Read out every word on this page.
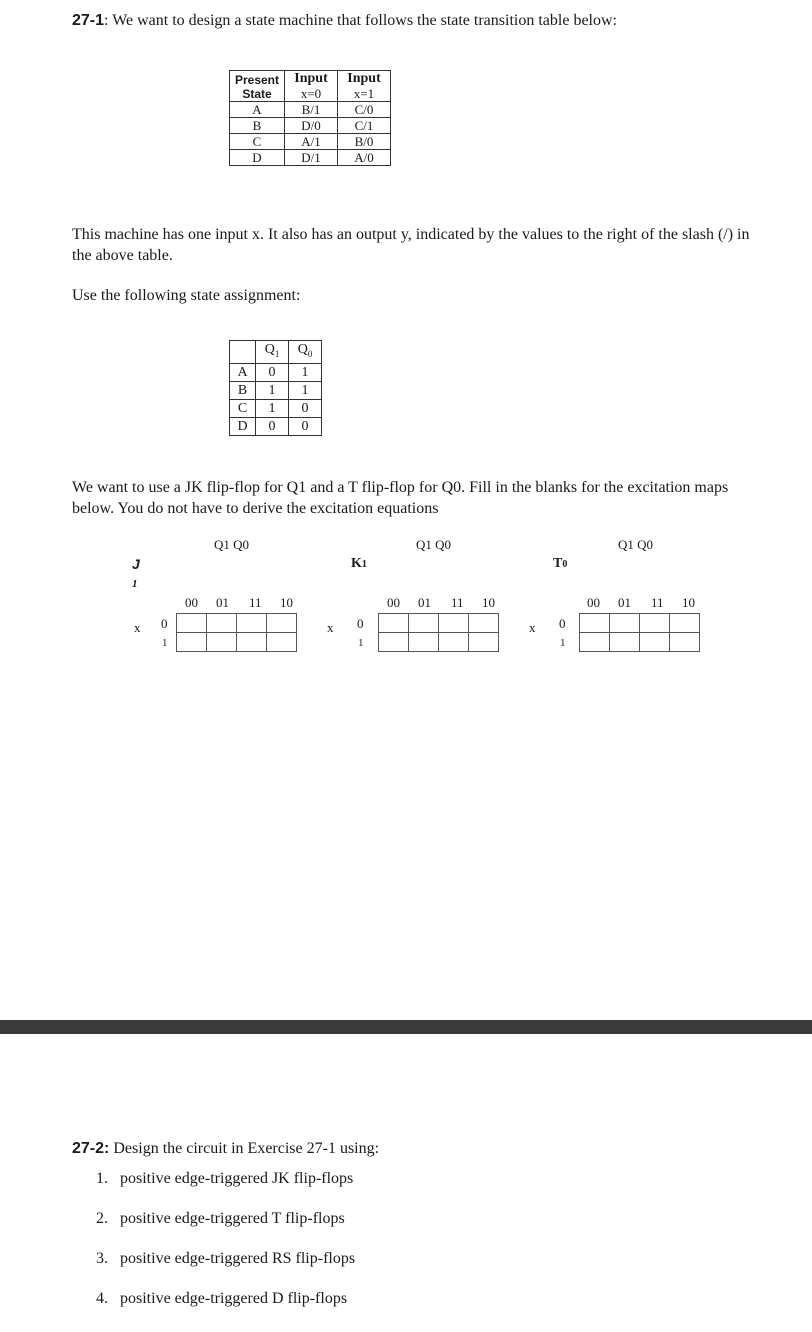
27-1: We want to design a state machine that follows the state transition table below:
Present State	Input	Input
	x=0	x=1
A	B/1	C/0
B	D/0	C/1
C	A/1	B/0
D	D/1	A/0
This machine has one input x. It also has an output y, indicated by the values to the right of the slash (/) in the above table.
Use the following state assignment:
	$Q_1$	$Q_0$
A	0	1
B	1	1
C	1	0
D	0	0
We want to use a JK flip-flop for Q1 and a T flip-flop for Q0. Fill in the blanks for the excitation maps below. You do not have to derive the excitation equations
Q1 Q0
J
1
00 01 11 10
x 0
1

Q1 Q0
K1
00 01 11 10
x 0
1

Q1 Q0
T0
00 01 11 10
x 0
1

27-2: Design the circuit in Exercise 27-1 using:
1.   positive edge-triggered JK flip-flops
2.   positive edge-triggered T flip-flops
3.   positive edge-triggered RS flip-flops
4.   positive edge-triggered D flip-flops
